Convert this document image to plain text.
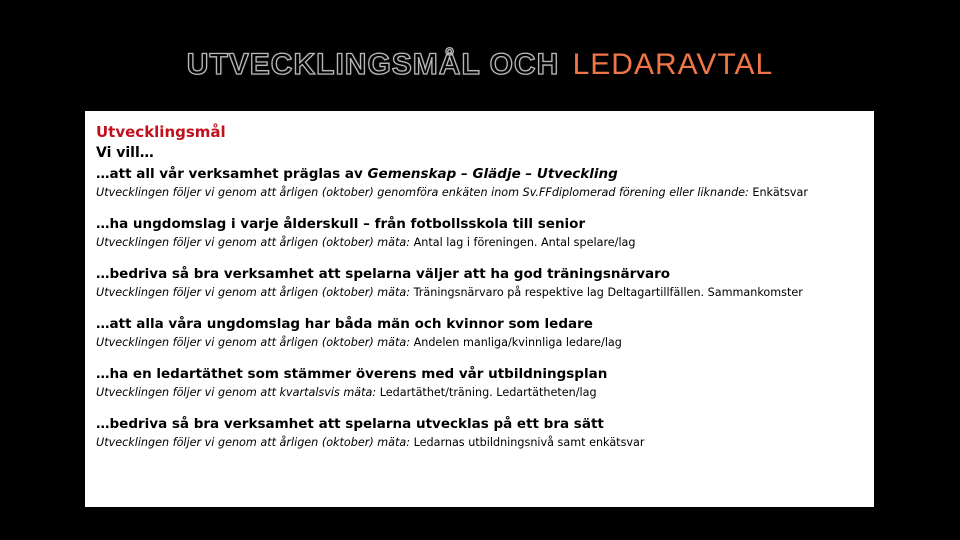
UTVECKLINGSMÅL OCH LEDARAVTAL
Utvecklingsmål
Vi vill…
…att all vår verksamhet präglas av Gemenskap – Glädje – Utveckling
Utvecklingen följer vi genom att årligen (oktober) genomföra enkäten inom Sv.FFdiplomerad förening eller liknande: Enkätsvar
…ha ungdomslag i varje ålderskull – från fotbollsskola till senior
Utvecklingen följer vi genom att årligen (oktober) mäta: Antal lag i föreningen. Antal spelare/lag
…bedriva så bra verksamhet att spelarna väljer att ha god träningsnärvaro
Utvecklingen följer vi genom att årligen (oktober) mäta: Träningsnärvaro på respektive lag Deltagartillfällen. Sammankomster
…att alla våra ungdomslag har båda män och kvinnor som ledare
Utvecklingen följer vi genom att årligen (oktober) mäta: Andelen manliga/kvinnliga ledare/lag
…ha en ledartäthet som stämmer överens med vår utbildningsplan
Utvecklingen följer vi genom att kvartalsvis mäta: Ledartäthet/träning. Ledartätheten/lag
…bedriva så bra verksamhet att spelarna utvecklas på ett bra sätt
Utvecklingen följer vi genom att årligen (oktober) mäta: Ledarnas utbildningsnivå samt enkätsvar
